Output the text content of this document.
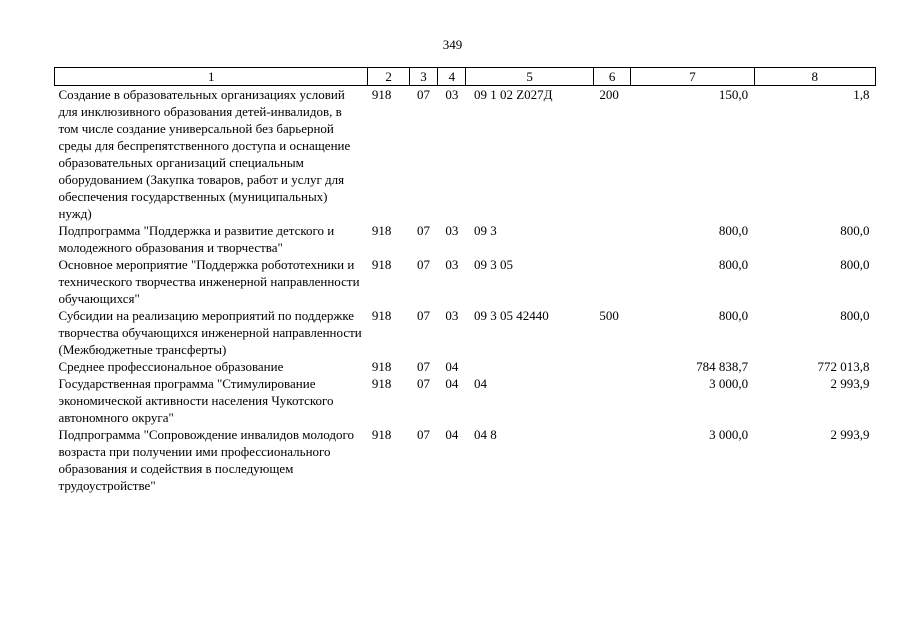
349
1	2	3	4	5	6	7	8
Создание в образовательных организациях условий для инклюзивного образования детей-инвалидов, в том числе создание универсальной без барьерной среды для беспрепятственного доступа и оснащение образовательных организаций специальным оборудованием (Закупка товаров, работ и услуг для обеспечения государственных (муниципальных) нужд)	918	07	03	09 1 02 Z027Д	200	150,0	1,8
Подпрограмма "Поддержка и развитие детского и молодежного образования и творчества"	918	07	03	09 3		800,0	800,0
Основное мероприятие "Поддержка робототехники и технического творчества инженерной направленности обучающихся"	918	07	03	09 3 05		800,0	800,0
Субсидии на реализацию мероприятий по поддержке творчества обучающихся инженерной направленности (Межбюджетные трансферты)	918	07	03	09 3 05 42440	500	800,0	800,0
Среднее профессиональное образование	918	07	04			784 838,7	772 013,8
Государственная программа "Стимулирование экономической активности населения Чукотского автономного округа"	918	07	04	04		3 000,0	2 993,9
Подпрограмма "Сопровождение инвалидов молодого возраста при получении ими профессионального образования и содействия в последующем трудоустройстве"	918	07	04	04 8		3 000,0	2 993,9
